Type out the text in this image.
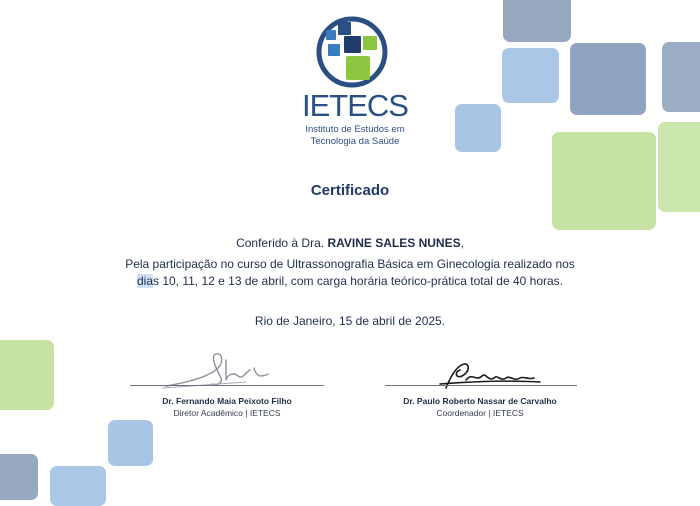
IETECS
Instituto de Estudos em
Tecnologia da Saúde
Certificado
Conferido à Dra. RAVINE SALES NUNES,
Pela participação no curso de Ultrassonografia Básica em Ginecologia realizado nos
dias 10, 11, 12 e 13 de abril, com carga horária teórico-prática total de 40 horas.
Rio de Janeiro, 15 de abril de 2025.
Dr. Fernando Maia Peixoto Filho
Diretor Acadêmico | IETECS
Dr. Paulo Roberto Nassar de Carvalho
Coordenador | IETECS
